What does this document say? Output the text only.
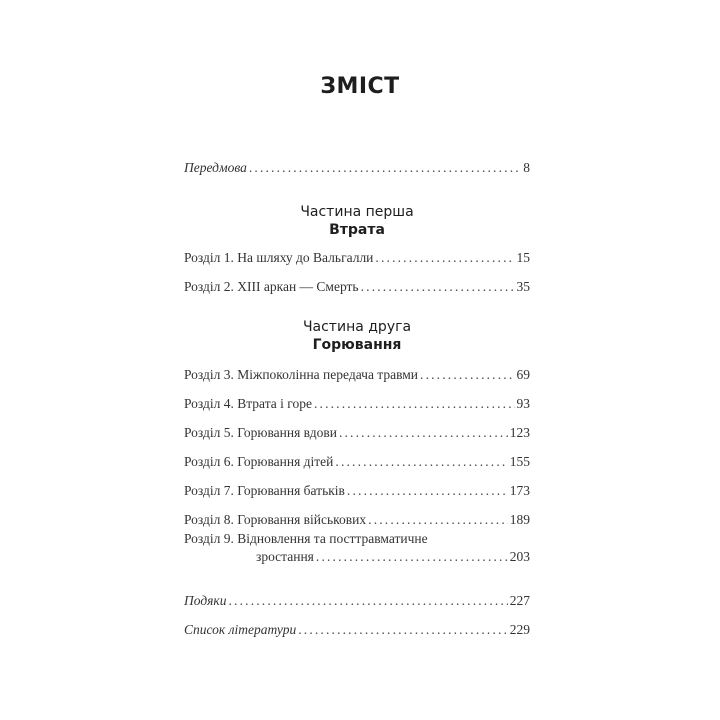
ЗМІСТ
Передмова . . .	8
Частина перша
Втрата
Розділ 1. На шляху до Вальгалли . . .	15
Розділ 2. XIII аркан — Смерть . . .	35
Частина друга
Горювання
Розділ 3. Міжпоколінна передача травми . . .	69
Розділ 4. Втрата і горе . . .	93
Розділ 5. Горювання вдови . . .	123
Розділ 6. Горювання дітей . . .	155
Розділ 7. Горювання батьків . . .	173
Розділ 8. Горювання військових . . .	189
Розділ 9. Відновлення та посттравматичне
зростання . . .	203
Подяки . . .	227
Список літератури . . .	229
